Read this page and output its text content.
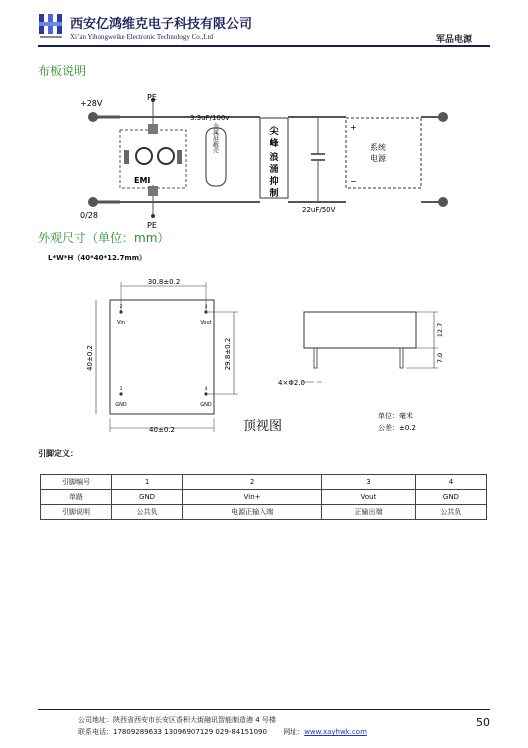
西安亿鸿维克电子科技有限公司
Xi’an Yihongweike Electronic Technology Co.,Ltd	军品电源
布板说明
EMI
金属屏蔽壳
3.3uF/100v
尖
峰
浪
涌
抑
制
22uF/50V
系统
电源
+
−
+28V
PE
0/28
PE
外观尺寸（单位：mm）
L*W*H（40*40*12.7mm）
30.8±0.2
40±0.2	29.8±0.2
40±0.2
2
Vin
3
Vout
1
GND
4
GND
顶视图
12.7
7.0
4×Φ2.0
单位：毫米
公差：±0.2
引脚定义：
引脚编号	1	2	3	4
单路	GND	Vin+	Vout	GND
引脚说明	公共负	电源正输入端	正输出端	公共负
公司地址：陕西省西安市长安区香积大街融讯智能制造港 4 号楼
联系电话：17809289633 13096907129 029-84151090 网址：www.xayhwk.com
50
